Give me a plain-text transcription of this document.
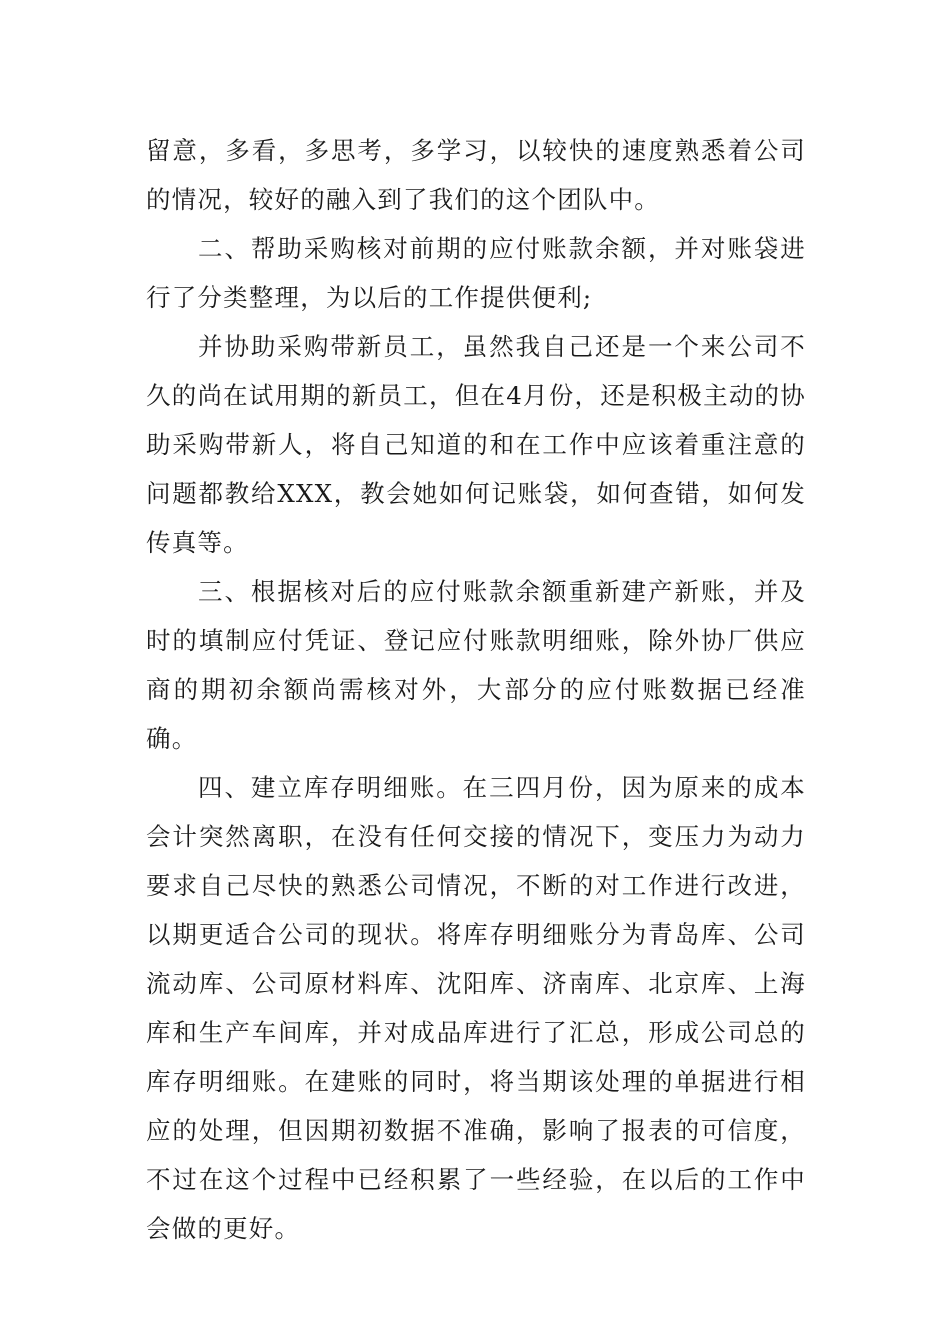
留意，多看，多思考，多学习，以较快的速度熟悉着公司的情况，较好的融入到了我们的这个团队中。

二、帮助采购核对前期的应付账款余额，并对账袋进行了分类整理，为以后的工作提供便利;

并协助采购带新员工，虽然我自己还是一个来公司不久的尚在试用期的新员工，但在4月份，还是积极主动的协助采购带新人，将自己知道的和在工作中应该着重注意的问题都教给XXX，教会她如何记账袋，如何查错，如何发传真等。

三、根据核对后的应付账款余额重新建产新账，并及时的填制应付凭证、登记应付账款明细账，除外协厂供应商的期初余额尚需核对外，大部分的应付账数据已经准确。

四、建立库存明细账。在三四月份，因为原来的成本会计突然离职，在没有任何交接的情况下，变压力为动力要求自己尽快的熟悉公司情况，不断的对工作进行改进，以期更适合公司的现状。将库存明细账分为青岛库、公司流动库、公司原材料库、沈阳库、济南库、北京库、上海库和生产车间库，并对成品库进行了汇总，形成公司总的库存明细账。在建账的同时，将当期该处理的单据进行相应的处理，但因期初数据不准确，影响了报表的可信度，不过在这个过程中已经积累了一些经验，在以后的工作中会做的更好。
